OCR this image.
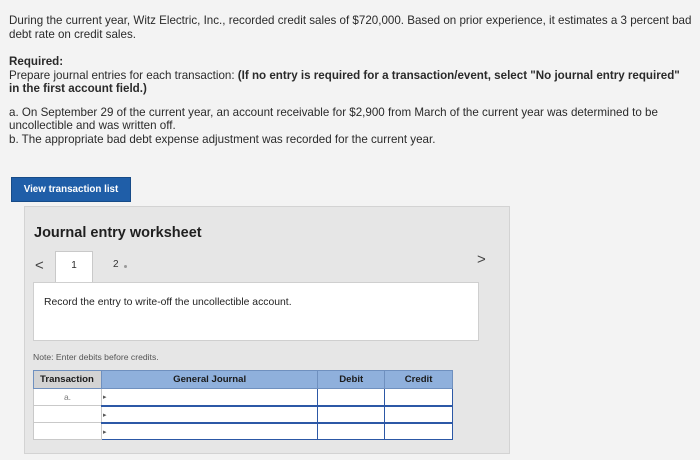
During the current year, Witz Electric, Inc., recorded credit sales of $720,000. Based on prior experience, it estimates a 3 percent bad debt rate on credit sales.

Required:

Prepare journal entries for each transaction: (If no entry is required for a transaction/event, select "No journal entry required" in the first account field.)

a. On September 29 of the current year, an account receivable for $2,900 from March of the current year was determined to be uncollectible and was written off.

b. The appropriate bad debt expense adjustment was recorded for the current year.

View transaction list
Journal entry worksheet
<	1	2	>
Record the entry to write-off the uncollectible account.
Note: Enter debits before credits.
Transaction	General Journal	Debit	Credit
a.	▸		
	▸		
	▸		
